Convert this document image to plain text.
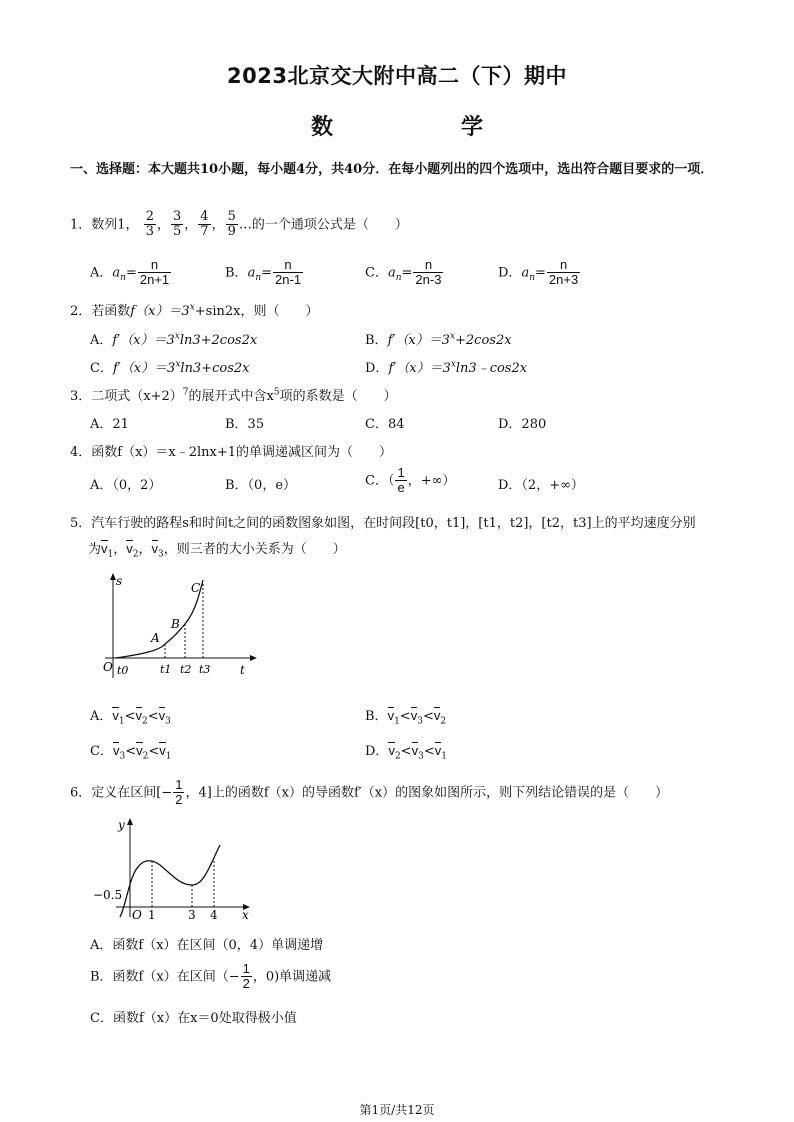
2023北京交大附中高二（下）期中
数　　学
一、选择题：本大题共10小题，每小题4分，共40分．在每小题列出的四个选项中，选出符合题目要求的一项．
1．数列1， $\frac{2}{3}$ ， $\frac{3}{5}$ ， $\frac{4}{7}$ ， $\frac{5}{9}$ …的一个通项公式是（　　）
A．$a_n= \frac{n}{2n+1}$	B．$a_n= \frac{n}{2n-1}$	C．$a_n= \frac{n}{2n-3}$	D．$a_n= \frac{n}{2n+3}$
2．若函数$f(x)=3^x+\sin 2x$，则（　　）
A．$f'(x)=3^x\ln 3+2\cos 2x$	B．$f'(x)=3^x+2\cos 2x$
C．$f'(x)=3^x\ln 3+\cos 2x$	D．$f'(x)=3^x\ln 3﹣\cos 2x$
3．二项式$(x+2)^7$的展开式中含$x^5$项的系数是（　　）
A．21	B．35	C．84	D．280
4．函数f（x）＝x﹣2lnx+1的单调递减区间为（　　）
A．（0，2）	B．（0，e）	C．（ $\frac{1}{e}$ ，+∞）	D．（2，+∞）
5．汽车行驶的路程s和时间t之间的函数图象如图，在时间段[t0，t1]，[t1，t2]，[t2，t3]上的平均速度分别
为$v_1$，$v_2$，$v_3$，则三者的大小关系为（　　）
s
t
O t0	t1 t2 t3
A
B
C
A．$v_1<v_2<v_3$	B．$v_1<v_3<v_2$
C．$v_3<v_2<v_1$	D．$v_2<v_3<v_1$
6．定义在区间[− $\frac{1}{2}$ ，4]上的函数f（x）的导函数f′（x）的图象如图所示，则下列结论错误的是（　　）
y
x
−0.5
O 1	3 4
A．函数f（x）在区间（0，4）单调递增
B．函数f（x）在区间（− $\frac{1}{2}$ ，0)单调递减
C．函数f（x）在x＝0处取得极小值
第1页/共12页
